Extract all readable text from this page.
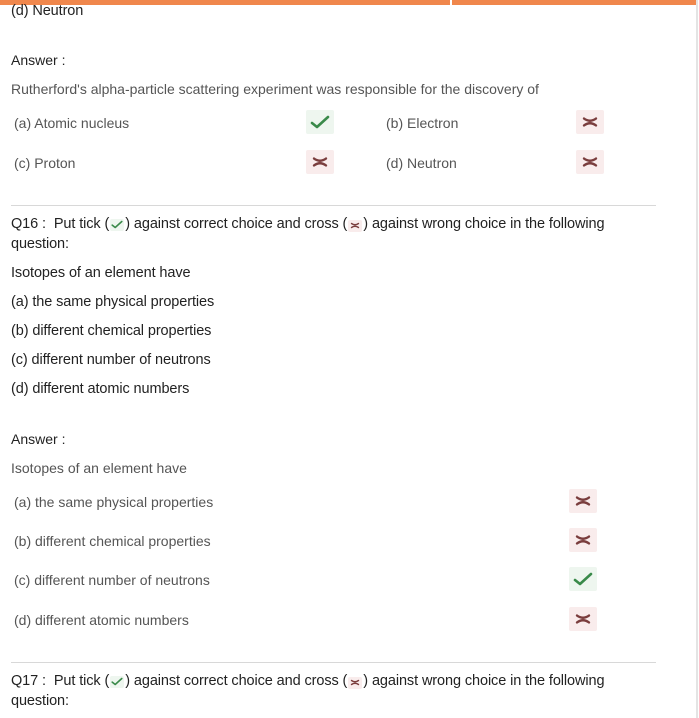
(d) Neutron
Answer :
Rutherford's alpha-particle scattering experiment was responsible for the discovery of
(a) Atomic nucleus	(b) Electron
(c) Proton	(d) Neutron
Q16 : Put tick ( ) against correct choice and cross ( ) against wrong choice in the following
question:
Isotopes of an element have
(a) the same physical properties
(b) different chemical properties
(c) different number of neutrons
(d) different atomic numbers
Answer :
Isotopes of an element have
(a) the same physical properties
(b) different chemical properties
(c) different number of neutrons
(d) different atomic numbers
Q17 : Put tick ( ) against correct choice and cross ( ) against wrong choice in the following
question:
